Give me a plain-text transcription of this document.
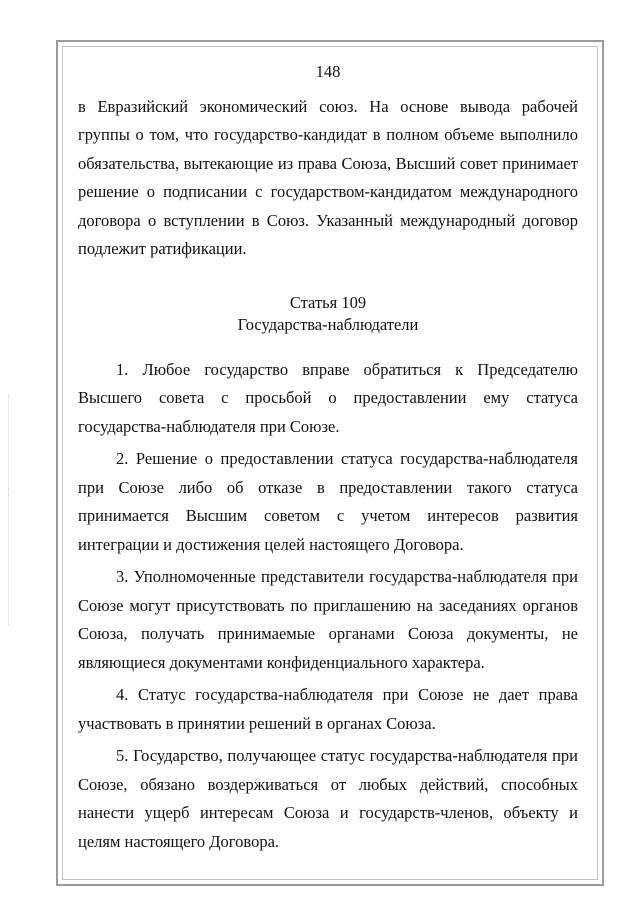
148

в Евразийский экономический союз. На основе вывода рабочей группы о том, что государство-кандидат в полном объеме выполнило обязательства, вытекающие из права Союза, Высший совет принимает решение о подписании с государством-кандидатом международного договора о вступлении в Союз. Указанный международный договор подлежит ратификации.

Статья 109
Государства-наблюдатели

1. Любое государство вправе обратиться к Председателю Высшего совета с просьбой о предоставлении ему статуса государства-наблюдателя при Союзе.

2. Решение о предоставлении статуса государства-наблюдателя при Союзе либо об отказе в предоставлении такого статуса принимается Высшим советом с учетом интересов развития интеграции и достижения целей настоящего Договора.

3. Уполномоченные представители государства-наблюдателя при Союзе могут присутствовать по приглашению на заседаниях органов Союза, получать принимаемые органами Союза документы, не являющиеся документами конфиденциального характера.

4. Статус государства-наблюдателя при Союзе не дает права участвовать в принятии решений в органах Союза.

5. Государство, получающее статус государства-наблюдателя при Союзе, обязано воздерживаться от любых действий, способных нанести ущерб интересам Союза и государств-членов, объекту и целям настоящего Договора.
